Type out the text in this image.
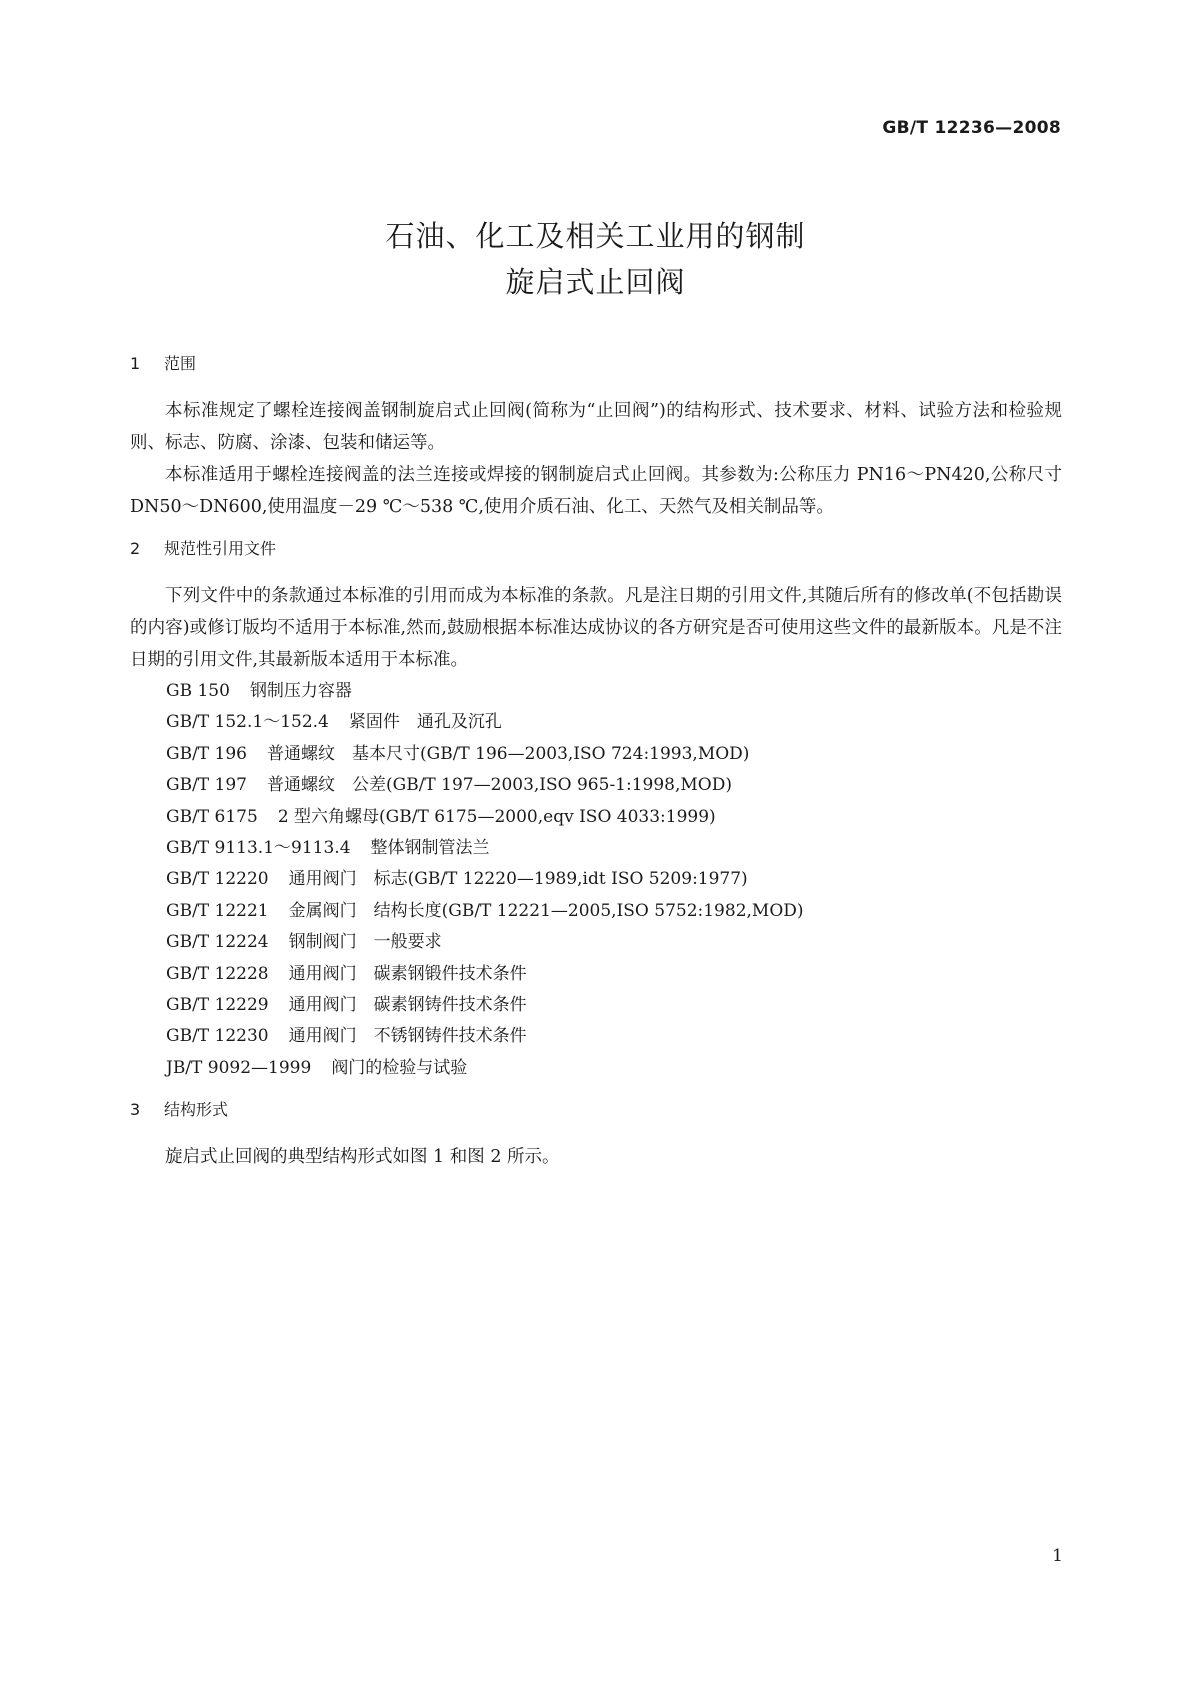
GB/T 12236—2008
石油、化工及相关工业用的钢制
旋启式止回阀
1 范围

本标准规定了螺栓连接阀盖钢制旋启式止回阀(简称为“止回阀”)的结构形式、技术要求、材料、试验方法和检验规则、标志、防腐、涂漆、包装和储运等。

本标准适用于螺栓连接阀盖的法兰连接或焊接的钢制旋启式止回阀。其参数为:公称压力 PN16～PN420,公称尺寸 DN50～DN600,使用温度－29 ℃～538 ℃,使用介质石油、化工、天然气及相关制品等。

2 规范性引用文件

下列文件中的条款通过本标准的引用而成为本标准的条款。凡是注日期的引用文件,其随后所有的修改单(不包括勘误的内容)或修订版均不适用于本标准,然而,鼓励根据本标准达成协议的各方研究是否可使用这些文件的最新版本。凡是不注日期的引用文件,其最新版本适用于本标准。

GB 150 钢制压力容器
GB/T 152.1～152.4 紧固件　通孔及沉孔
GB/T 196 普通螺纹　基本尺寸(GB/T 196—2003,ISO 724:1993,MOD)
GB/T 197 普通螺纹　公差(GB/T 197—2003,ISO 965-1:1998,MOD)
GB/T 6175 2 型六角螺母(GB/T 6175—2000,eqv ISO 4033:1999)
GB/T 9113.1～9113.4 整体钢制管法兰
GB/T 12220 通用阀门　标志(GB/T 12220—1989,idt ISO 5209:1977)
GB/T 12221 金属阀门　结构长度(GB/T 12221—2005,ISO 5752:1982,MOD)
GB/T 12224 钢制阀门　一般要求
GB/T 12228 通用阀门　碳素钢锻件技术条件
GB/T 12229 通用阀门　碳素钢铸件技术条件
GB/T 12230 通用阀门　不锈钢铸件技术条件
JB/T 9092—1999 阀门的检验与试验
3 结构形式

旋启式止回阀的典型结构形式如图 1 和图 2 所示。

1
